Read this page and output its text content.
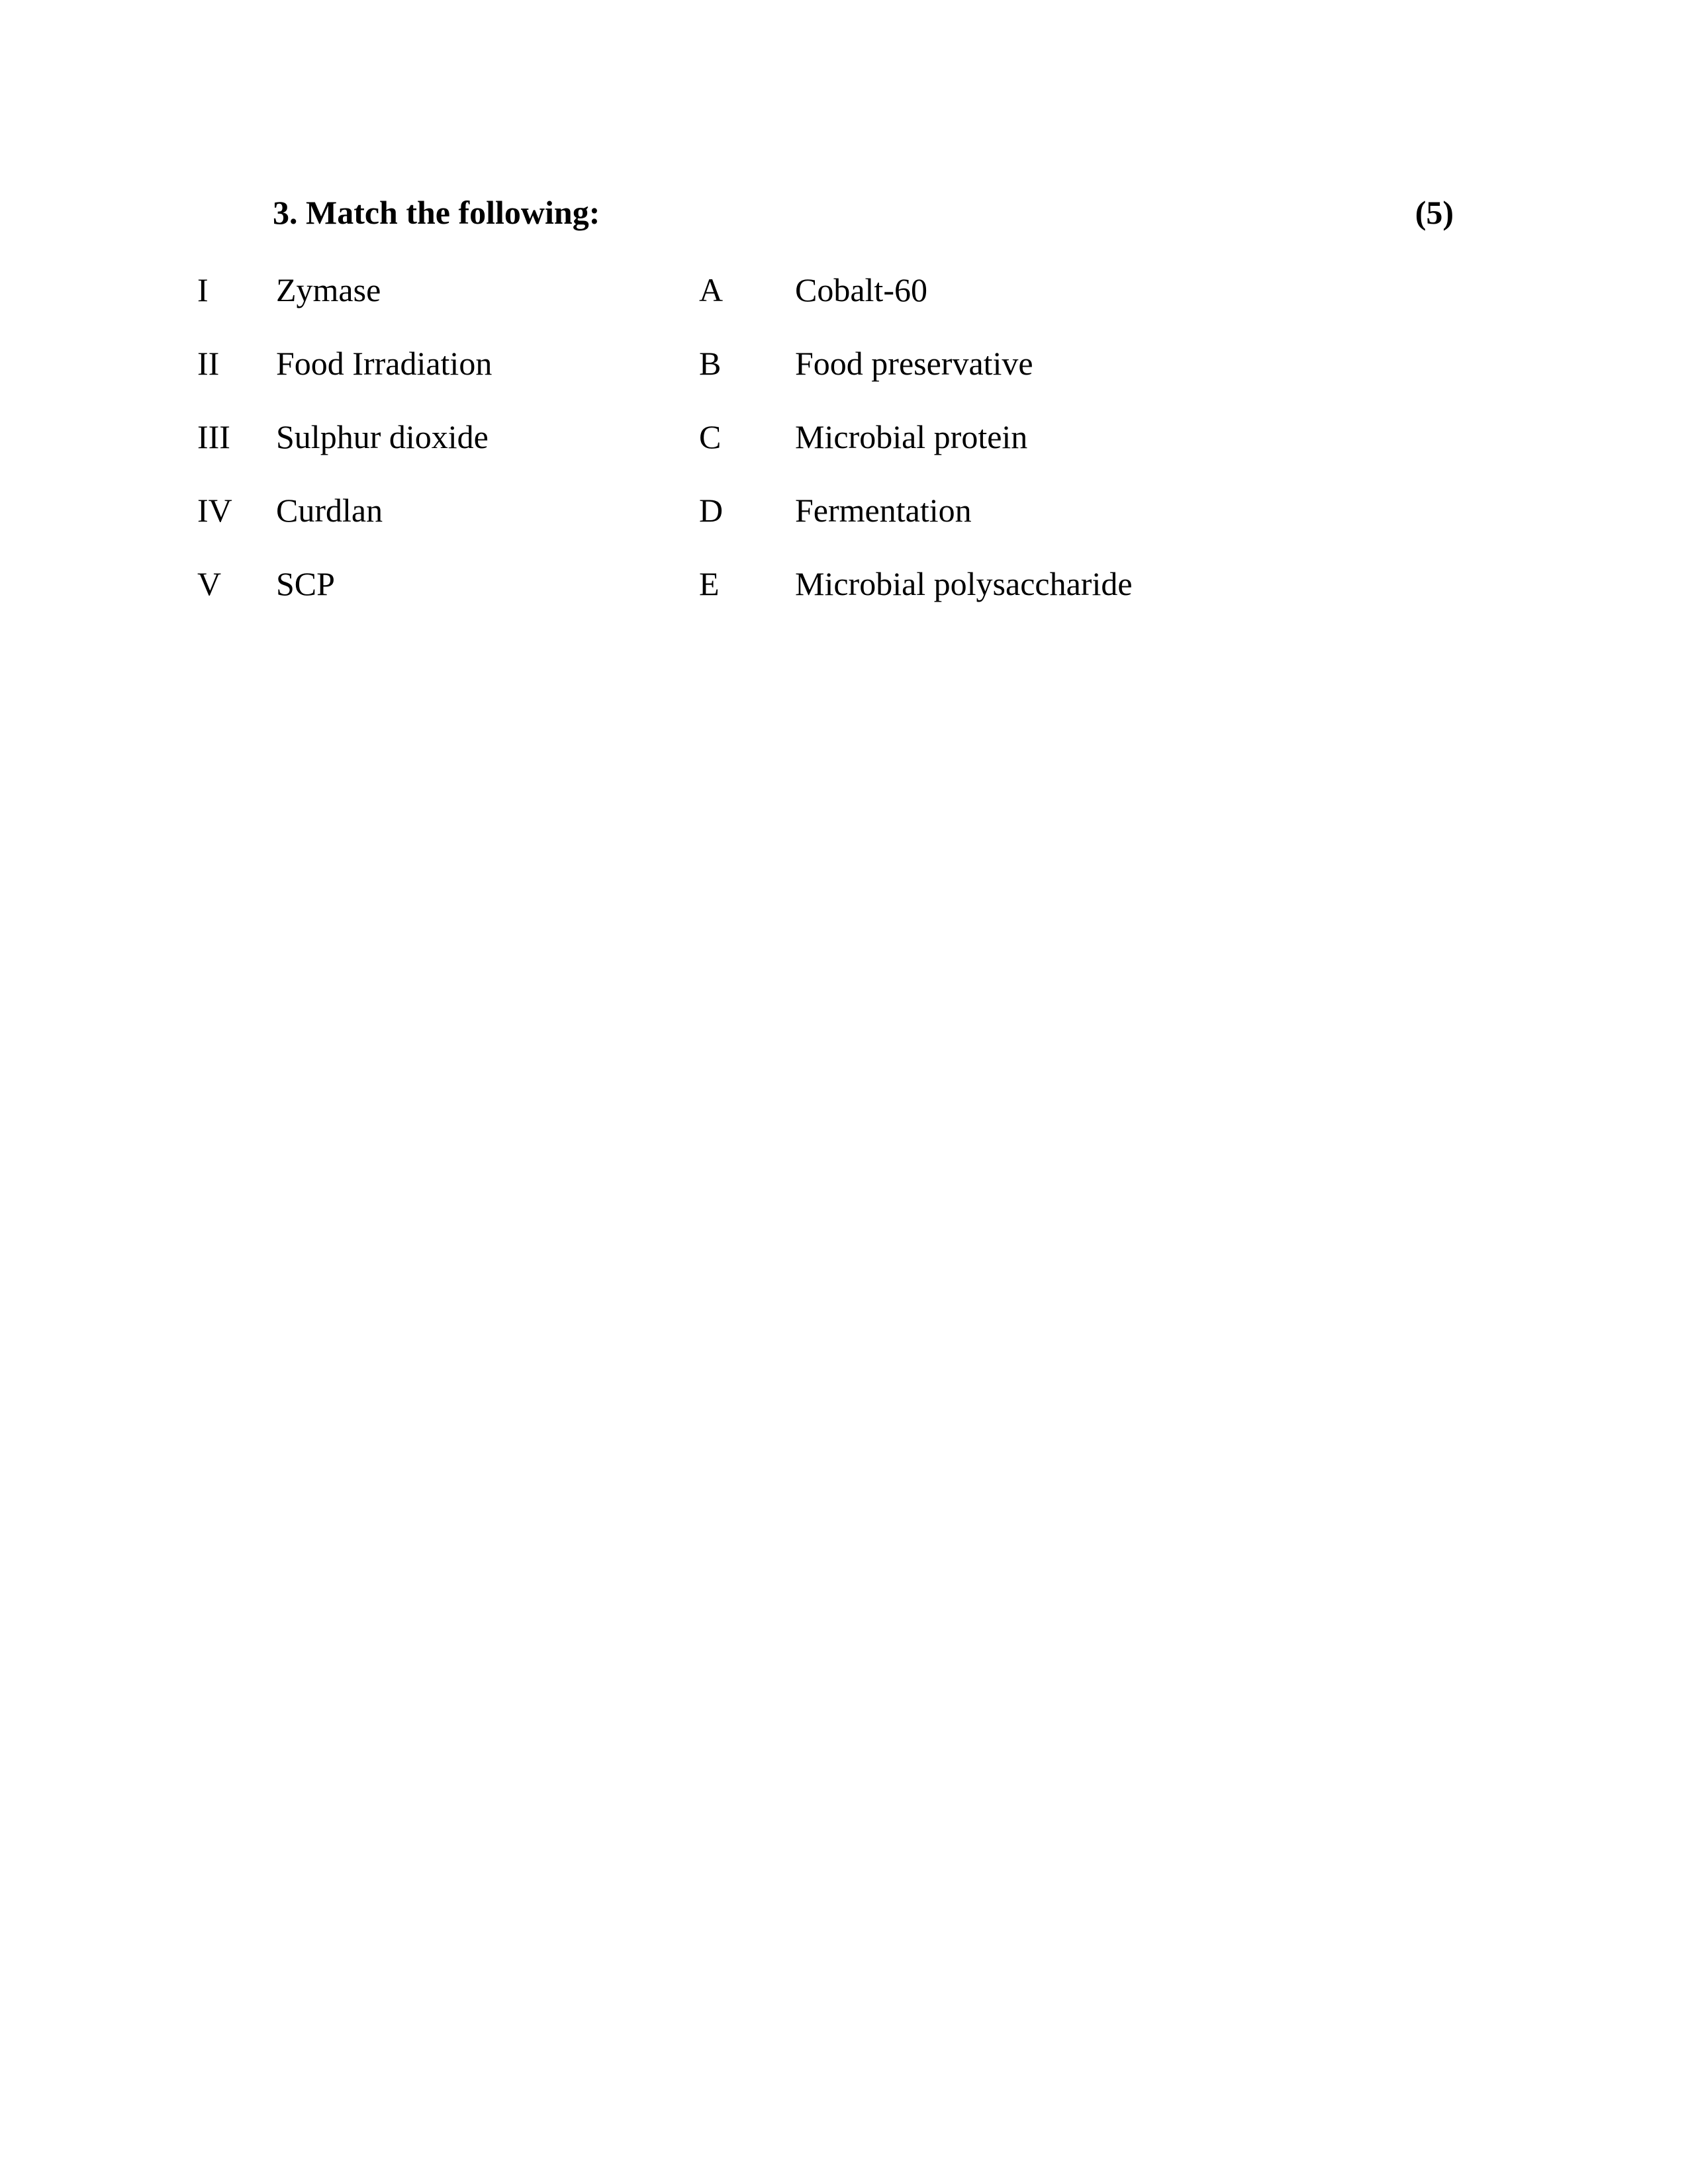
3. Match the following:	(5)
I Zymase	A Cobalt-60
II Food Irradiation	B Food preservative
III Sulphur dioxide	C Microbial protein
IV Curdlan	D Fermentation
V SCP	E Microbial polysaccharide
